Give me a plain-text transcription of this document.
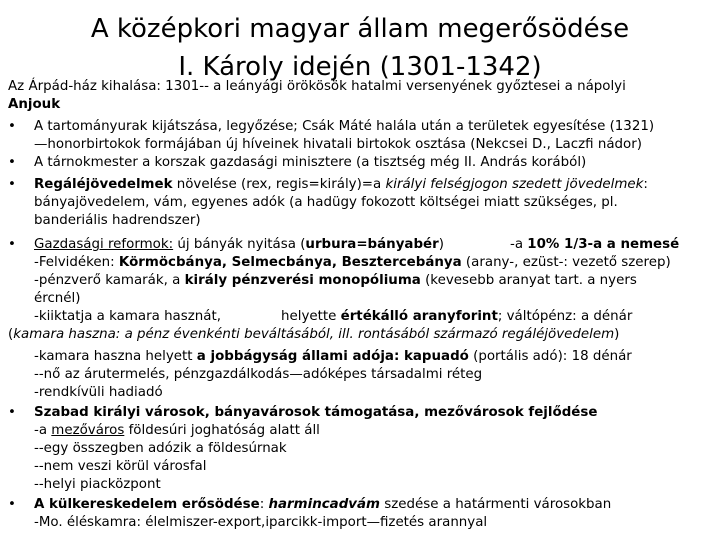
A középkori magyar állam megerősödése
I. Károly idején (1301-1342)
Az Árpád-ház kihalása: 1301-- a leányági örökösök hatalmi versenyének győztesei a nápolyi
Anjouk
• A tartományurak kijátszása, legyőzése; Csák Máté halála után a területek egyesítése (1321)
—honorbirtokok formájában új híveinek hivatali birtokok osztása (Nekcsei D., Laczfi nádor)
• A tárnokmester a korszak gazdasági minisztere (a tisztség még II. András korából)
• Regáléjövedelmek növelése (rex, regis=király)=a királyi felségjogon szedett jövedelmek:
bányajövedelem, vám, egyenes adók (a hadügy fokozott költségei miatt szükséges, pl.
banderiális hadrendszer)
• Gazdasági reformok: új bányák nyitása (urbura=bányabér)	-a 10% 1/3-a a nemesé
-Felvidéken: Körmöcbánya, Selmecbánya, Besztercebánya (arany-, ezüst-: vezető szerep)
-pénzverő kamarák, a király pénzverési monopóliuma (kevesebb aranyat tart. a nyers
ércnél)
-kiiktatja a kamara hasznát,	helyette értékálló aranyforint; váltópénz: a dénár
(kamara haszna: a pénz évenkénti beváltásából, ill. rontásából származó regáléjövedelem)
-kamara haszna helyett a jobbágyság állami adója: kapuadó (portális adó): 18 dénár
--nő az árutermelés, pénzgazdálkodás—adóképes társadalmi réteg
-rendkívüli hadiadó
• Szabad királyi városok, bányavárosok támogatása, mezővárosok fejlődése
-a mezőváros földesúri joghatóság alatt áll
--egy összegben adózik a földesúrnak
--nem veszi körül városfal
--helyi piacközpont
• A külkereskedelem erősödése: harmincadvám szedése a határmenti városokban
-Mo. éléskamra: élelmiszer-export,iparcikk-import—fizetés arannyal
